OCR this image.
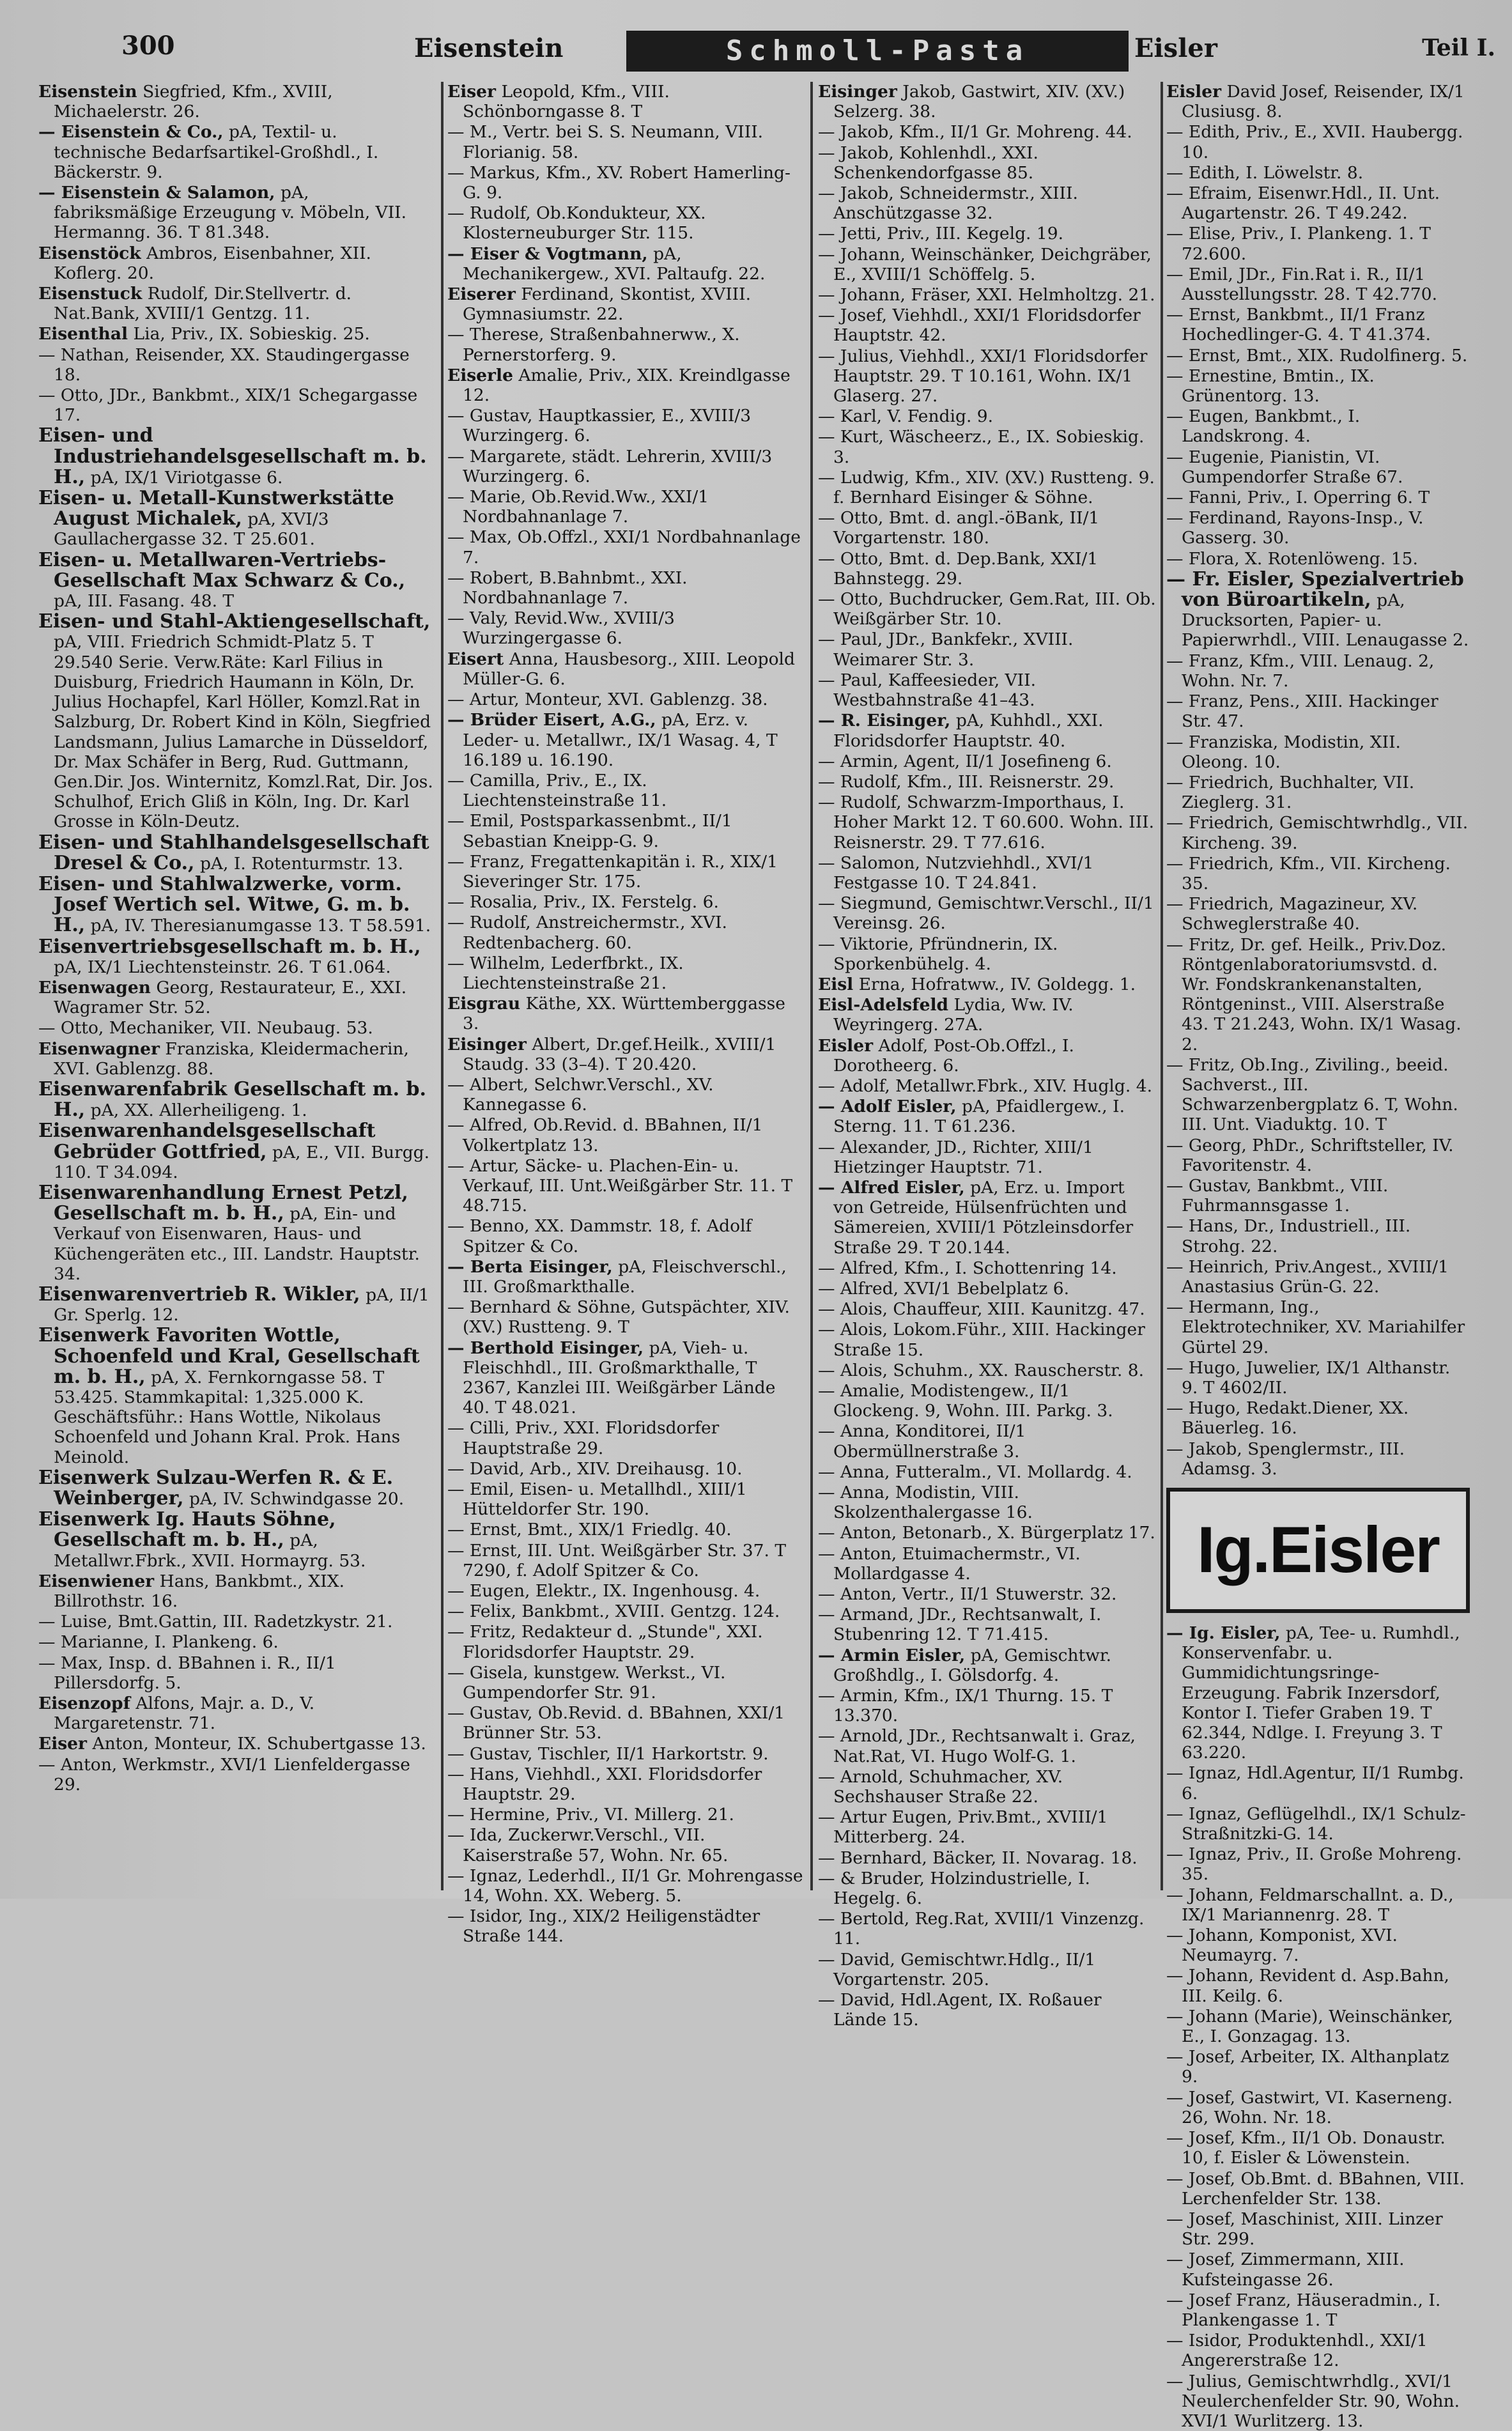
300	Eisenstein	Schmoll-Pasta	Eisler	Teil I.
Eisenstein Siegfried, Kfm., XVIII, Michaelerstr. 26.
— Eisenstein & Co., pA, Textil- u. technische Bedarfsartikel-Großhdl., I. Bäckerstr. 9.
— Eisenstein & Salamon, pA, fabriksmäßige Erzeugung v. Möbeln, VII. Hermanng. 36. T 81.348.
Eisenstöck Ambros, Eisenbahner, XII. Koflerg. 20.
Eisenstuck Rudolf, Dir.Stellvertr. d. Nat.Bank, XVIII/1 Gentzg. 11.
Eisenthal Lia, Priv., IX. Sobieskig. 25.
— Nathan, Reisender, XX. Staudingergasse 18.
— Otto, JDr., Bankbmt., XIX/1 Schegargasse 17.
Eisen- und Industriehandelsgesellschaft m. b. H., pA, IX/1 Viriotgasse 6.
Eisen- u. Metall-Kunstwerkstätte August Michalek, pA, XVI/3 Gaullachergasse 32. T 25.601.
Eisen- u. Metallwaren-Vertriebs-Gesellschaft Max Schwarz & Co., pA, III. Fasang. 48. T
Eisen- und Stahl-Aktiengesellschaft, pA, VIII. Friedrich Schmidt-Platz 5. T 29.540 Serie. Verw.Räte: Karl Filius in Duisburg, Friedrich Haumann in Köln, Dr. Julius Hochapfel, Karl Höller, Komzl.Rat in Salzburg, Dr. Robert Kind in Köln, Siegfried Landsmann, Julius Lamarche in Düsseldorf, Dr. Max Schäfer in Berg, Rud. Guttmann, Gen.Dir. Jos. Winternitz, Komzl.Rat, Dir. Jos. Schulhof, Erich Gliß in Köln, Ing. Dr. Karl Grosse in Köln-Deutz.
Eisen- und Stahlhandelsgesellschaft Dresel & Co., pA, I. Rotenturmstr. 13.
Eisen- und Stahlwalzwerke, vorm. Josef Wertich sel. Witwe, G. m. b. H., pA, IV. Theresianumgasse 13. T 58.591.
Eisenvertriebsgesellschaft m. b. H., pA, IX/1 Liechtensteinstr. 26. T 61.064.
Eisenwagen Georg, Restaurateur, E., XXI. Wagramer Str. 52.
— Otto, Mechaniker, VII. Neubaug. 53.
Eisenwagner Franziska, Kleidermacherin, XVI. Gablenzg. 88.
Eisenwarenfabrik Gesellschaft m. b. H., pA, XX. Allerheiligeng. 1.
Eisenwarenhandelsgesellschaft Gebrüder Gottfried, pA, E., VII. Burgg. 110. T 34.094.
Eisenwarenhandlung Ernest Petzl, Gesellschaft m. b. H., pA, Ein- und Verkauf von Eisenwaren, Haus- und Küchengeräten etc., III. Landstr. Hauptstr. 34.
Eisenwarenvertrieb R. Wikler, pA, II/1 Gr. Sperlg. 12.
Eisenwerk Favoriten Wottle, Schoenfeld und Kral, Gesellschaft m. b. H., pA, X. Fernkorngasse 58. T 53.425. Stammkapital: 1,325.000 K. Geschäftsführ.: Hans Wottle, Nikolaus Schoenfeld und Johann Kral. Prok. Hans Meinold.
Eisenwerk Sulzau-Werfen R. & E. Weinberger, pA, IV. Schwindgasse 20.
Eisenwerk Ig. Hauts Söhne, Gesellschaft m. b. H., pA, Metallwr.Fbrk., XVII. Hormayrg. 53.
Eisenwiener Hans, Bankbmt., XIX. Billrothstr. 16.
— Luise, Bmt.Gattin, III. Radetzkystr. 21.
— Marianne, I. Plankeng. 6.
— Max, Insp. d. BBahnen i. R., II/1 Pillersdorfg. 5.
Eisenzopf Alfons, Majr. a. D., V. Margaretenstr. 71.
Eiser Anton, Monteur, IX. Schubertgasse 13.
— Anton, Werkmstr., XVI/1 Lienfeldergasse 29.
Eiser Leopold, Kfm., VIII. Schönborngasse 8. T
— M., Vertr. bei S. S. Neumann, VIII. Florianig. 58.
— Markus, Kfm., XV. Robert Hamerling-G. 9.
— Rudolf, Ob.Kondukteur, XX. Klosterneuburger Str. 115.
— Eiser & Vogtmann, pA, Mechanikergew., XVI. Paltaufg. 22.
Eiserer Ferdinand, Skontist, XVIII. Gymnasiumstr. 22.
— Therese, Straßenbahnerww., X. Pernerstorferg. 9.
Eiserle Amalie, Priv., XIX. Kreindlgasse 12.
— Gustav, Hauptkassier, E., XVIII/3 Wurzingerg. 6.
— Margarete, städt. Lehrerin, XVIII/3 Wurzingerg. 6.
— Marie, Ob.Revid.Ww., XXI/1 Nordbahnanlage 7.
— Max, Ob.Offzl., XXI/1 Nordbahnanlage 7.
— Robert, B.Bahnbmt., XXI. Nordbahnanlage 7.
— Valy, Revid.Ww., XVIII/3 Wurzingergasse 6.
Eisert Anna, Hausbesorg., XIII. Leopold Müller-G. 6.
— Artur, Monteur, XVI. Gablenzg. 38.
— Brüder Eisert, A.G., pA, Erz. v. Leder- u. Metallwr., IX/1 Wasag. 4, T 16.189 u. 16.190.
— Camilla, Priv., E., IX. Liechtensteinstraße 11.
— Emil, Postsparkassenbmt., II/1 Sebastian Kneipp-G. 9.
— Franz, Fregattenkapitän i. R., XIX/1 Sieveringer Str. 175.
— Rosalia, Priv., IX. Ferstelg. 6.
— Rudolf, Anstreichermstr., XVI. Redtenbacherg. 60.
— Wilhelm, Lederfbrkt., IX. Liechtensteinstraße 21.
Eisgrau Käthe, XX. Württemberggasse 3.
Eisinger Albert, Dr.gef.Heilk., XVIII/1 Staudg. 33 (3–4). T 20.420.
— Albert, Selchwr.Verschl., XV. Kannegasse 6.
— Alfred, Ob.Revid. d. BBahnen, II/1 Volkertplatz 13.
— Artur, Säcke- u. Plachen-Ein- u. Verkauf, III. Unt.Weißgärber Str. 11. T 48.715.
— Benno, XX. Dammstr. 18, f. Adolf Spitzer & Co.
— Berta Eisinger, pA, Fleischverschl., III. Großmarkthalle.
— Bernhard & Söhne, Gutspächter, XIV. (XV.) Rustteng. 9. T
— Berthold Eisinger, pA, Vieh- u. Fleischhdl., III. Großmarkthalle, T 2367, Kanzlei III. Weißgärber Lände 40. T 48.021.
— Cilli, Priv., XXI. Floridsdorfer Hauptstraße 29.
— David, Arb., XIV. Dreihausg. 10.
— Emil, Eisen- u. Metallhdl., XIII/1 Hütteldorfer Str. 190.
— Ernst, Bmt., XIX/1 Friedlg. 40.
— Ernst, III. Unt. Weißgärber Str. 37. T 7290, f. Adolf Spitzer & Co.
— Eugen, Elektr., IX. Ingenhousg. 4.
— Felix, Bankbmt., XVIII. Gentzg. 124.
— Fritz, Redakteur d. „Stunde", XXI. Floridsdorfer Hauptstr. 29.
— Gisela, kunstgew. Werkst., VI. Gumpendorfer Str. 91.
— Gustav, Ob.Revid. d. BBahnen, XXI/1 Brünner Str. 53.
— Gustav, Tischler, II/1 Harkortstr. 9.
— Hans, Viehhdl., XXI. Floridsdorfer Hauptstr. 29.
— Hermine, Priv., VI. Millerg. 21.
— Ida, Zuckerwr.Verschl., VII. Kaiserstraße 57, Wohn. Nr. 65.
— Ignaz, Lederhdl., II/1 Gr. Mohrengasse 14, Wohn. XX. Weberg. 5.
— Isidor, Ing., XIX/2 Heiligenstädter Straße 144.
Eisinger Jakob, Gastwirt, XIV. (XV.) Selzerg. 38.
— Jakob, Kfm., II/1 Gr. Mohreng. 44.
— Jakob, Kohlenhdl., XXI. Schenkendorfgasse 85.
— Jakob, Schneidermstr., XIII. Anschützgasse 32.
— Jetti, Priv., III. Kegelg. 19.
— Johann, Weinschänker, Deichgräber, E., XVIII/1 Schöffelg. 5.
— Johann, Fräser, XXI. Helmholtzg. 21.
— Josef, Viehhdl., XXI/1 Floridsdorfer Hauptstr. 42.
— Julius, Viehhdl., XXI/1 Floridsdorfer Hauptstr. 29. T 10.161, Wohn. IX/1 Glaserg. 27.
— Karl, V. Fendig. 9.
— Kurt, Wäscheerz., E., IX. Sobieskig. 3.
— Ludwig, Kfm., XIV. (XV.) Rustteng. 9. f. Bernhard Eisinger & Söhne.
— Otto, Bmt. d. angl.-öBank, II/1 Vorgartenstr. 180.
— Otto, Bmt. d. Dep.Bank, XXI/1 Bahnstegg. 29.
— Otto, Buchdrucker, Gem.Rat, III. Ob. Weißgärber Str. 10.
— Paul, JDr., Bankfekr., XVIII. Weimarer Str. 3.
— Paul, Kaffeesieder, VII. Westbahnstraße 41–43.
— R. Eisinger, pA, Kuhhdl., XXI. Floridsdorfer Hauptstr. 40.
— Armin, Agent, II/1 Josefineng 6.
— Rudolf, Kfm., III. Reisnerstr. 29.
— Rudolf, Schwarzm-Importhaus, I. Hoher Markt 12. T 60.600. Wohn. III. Reisnerstr. 29. T 77.616.
— Salomon, Nutzviehhdl., XVI/1 Festgasse 10. T 24.841.
— Siegmund, Gemischtwr.Verschl., II/1 Vereinsg. 26.
— Viktorie, Pfründnerin, IX. Sporkenbühelg. 4.
Eisl Erna, Hofratww., IV. Goldegg. 1.
Eisl-Adelsfeld Lydia, Ww. IV. Weyringerg. 27A.
Eisler Adolf, Post-Ob.Offzl., I. Dorotheerg. 6.
— Adolf, Metallwr.Fbrk., XIV. Huglg. 4.
— Adolf Eisler, pA, Pfaidlergew., I. Sterng. 11. T 61.236.
— Alexander, JD., Richter, XIII/1 Hietzinger Hauptstr. 71.
— Alfred Eisler, pA, Erz. u. Import von Getreide, Hülsenfrüchten und Sämereien, XVIII/1 Pötzleinsdorfer Straße 29. T 20.144.
— Alfred, Kfm., I. Schottenring 14.
— Alfred, XVI/1 Bebelplatz 6.
— Alois, Chauffeur, XIII. Kaunitzg. 47.
— Alois, Lokom.Führ., XIII. Hackinger Straße 15.
— Alois, Schuhm., XX. Rauscherstr. 8.
— Amalie, Modistengew., II/1 Glockeng. 9, Wohn. III. Parkg. 3.
— Anna, Konditorei, II/1 Obermüllnerstraße 3.
— Anna, Futteralm., VI. Mollardg. 4.
— Anna, Modistin, VIII. Skolzenthalergasse 16.
— Anton, Betonarb., X. Bürgerplatz 17.
— Anton, Etuimachermstr., VI. Mollardgasse 4.
— Anton, Vertr., II/1 Stuwerstr. 32.
— Armand, JDr., Rechtsanwalt, I. Stubenring 12. T 71.415.
— Armin Eisler, pA, Gemischtwr. Großhdlg., I. Gölsdorfg. 4.
— Armin, Kfm., IX/1 Thurng. 15. T 13.370.
— Arnold, JDr., Rechtsanwalt i. Graz, Nat.Rat, VI. Hugo Wolf-G. 1.
— Arnold, Schuhmacher, XV. Sechshauser Straße 22.
— Artur Eugen, Priv.Bmt., XVIII/1 Mitterberg. 24.
— Bernhard, Bäcker, II. Novarag. 18.
— & Bruder, Holzindustrielle, I. Hegelg. 6.
— Bertold, Reg.Rat, XVIII/1 Vinzenzg. 11.
— David, Gemischtwr.Hdlg., II/1 Vorgartenstr. 205.
— David, Hdl.Agent, IX. Roßauer Lände 15.
Eisler David Josef, Reisender, IX/1 Clusiusg. 8.
— Edith, Priv., E., XVII. Haubergg. 10.
— Edith, I. Löwelstr. 8.
— Efraim, Eisenwr.Hdl., II. Unt. Augartenstr. 26. T 49.242.
— Elise, Priv., I. Plankeng. 1. T 72.600.
— Emil, JDr., Fin.Rat i. R., II/1 Ausstellungsstr. 28. T 42.770.
— Ernst, Bankbmt., II/1 Franz Hochedlinger-G. 4. T 41.374.
— Ernst, Bmt., XIX. Rudolfinerg. 5.
— Ernestine, Bmtin., IX. Grünentorg. 13.
— Eugen, Bankbmt., I. Landskrong. 4.
— Eugenie, Pianistin, VI. Gumpendorfer Straße 67.
— Fanni, Priv., I. Operring 6. T
— Ferdinand, Rayons-Insp., V. Gasserg. 30.
— Flora, X. Rotenlöweng. 15.
— Fr. Eisler, Spezialvertrieb von Büroartikeln, pA, Drucksorten, Papier- u. Papierwrhdl., VIII. Lenaugasse 2.
— Franz, Kfm., VIII. Lenaug. 2, Wohn. Nr. 7.
— Franz, Pens., XIII. Hackinger Str. 47.
— Franziska, Modistin, XII. Oleong. 10.
— Friedrich, Buchhalter, VII. Zieglerg. 31.
— Friedrich, Gemischtwrhdlg., VII. Kircheng. 39.
— Friedrich, Kfm., VII. Kircheng. 35.
— Friedrich, Magazineur, XV. Schweglerstraße 40.
— Fritz, Dr. gef. Heilk., Priv.Doz. Röntgenlaboratoriumsvstd. d. Wr. Fondskrankenanstalten, Röntgeninst., VIII. Alserstraße 43. T 21.243, Wohn. IX/1 Wasag. 2.
— Fritz, Ob.Ing., Ziviling., beeid. Sachverst., III. Schwarzenbergplatz 6. T, Wohn. III. Unt. Viaduktg. 10. T
— Georg, PhDr., Schriftsteller, IV. Favoritenstr. 4.
— Gustav, Bankbmt., VIII. Fuhrmannsgasse 1.
— Hans, Dr., Industriell., III. Strohg. 22.
— Heinrich, Priv.Angest., XVIII/1 Anastasius Grün-G. 22.
— Hermann, Ing., Elektrotechniker, XV. Mariahilfer Gürtel 29.
— Hugo, Juwelier, IX/1 Althanstr. 9. T 4602/II.
— Hugo, Redakt.Diener, XX. Bäuerleg. 16.
— Jakob, Spenglermstr., III. Adamsg. 3.
Ig.Eisler
— Ig. Eisler, pA, Tee- u. Rumhdl., Konservenfabr. u. Gummidichtungsringe-Erzeugung. Fabrik Inzersdorf, Kontor I. Tiefer Graben 19. T 62.344, Ndlge. I. Freyung 3. T 63.220.
— Ignaz, Hdl.Agentur, II/1 Rumbg. 6.
— Ignaz, Geflügelhdl., IX/1 Schulz-Straßnitzki-G. 14.
— Ignaz, Priv., II. Große Mohreng. 35.
— Johann, Feldmarschallnt. a. D., IX/1 Mariannenrg. 28. T
— Johann, Komponist, XVI. Neumayrg. 7.
— Johann, Revident d. Asp.Bahn, III. Keilg. 6.
— Johann (Marie), Weinschänker, E., I. Gonzagag. 13.
— Josef, Arbeiter, IX. Althanplatz 9.
— Josef, Gastwirt, VI. Kaserneng. 26, Wohn. Nr. 18.
— Josef, Kfm., II/1 Ob. Donaustr. 10, f. Eisler & Löwenstein.
— Josef, Ob.Bmt. d. BBahnen, VIII. Lerchenfelder Str. 138.
— Josef, Maschinist, XIII. Linzer Str. 299.
— Josef, Zimmermann, XIII. Kufsteingasse 26.
— Josef Franz, Häuseradmin., I. Plankengasse 1. T
— Isidor, Produktenhdl., XXI/1 Angererstraße 12.
— Julius, Gemischtwrhdlg., XVI/1 Neulerchenfelder Str. 90, Wohn. XVI/1 Wurlitzerg. 13.
